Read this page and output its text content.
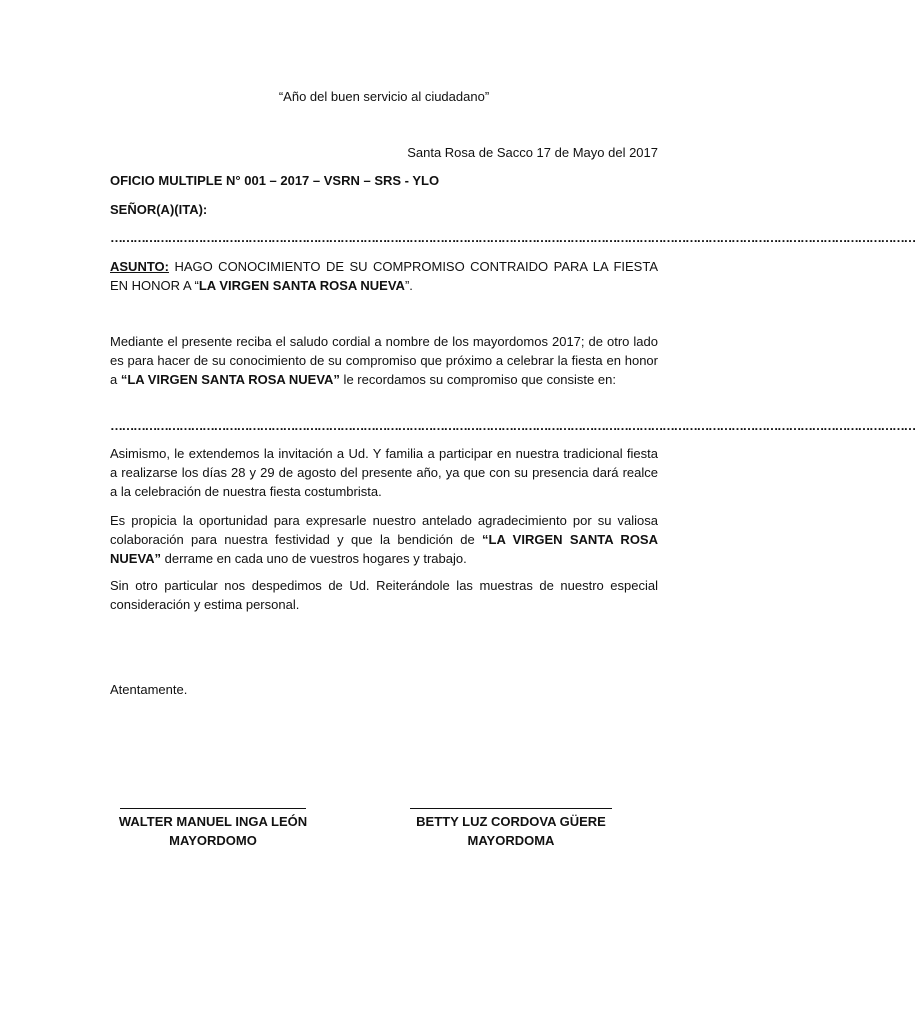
“Año del buen servicio al ciudadano”
Santa Rosa de Sacco 17 de Mayo del 2017
OFICIO MULTIPLE N° 001 – 2017 – VSRN – SRS - YLO
SEÑOR(A)(ITA):
…………………………………………………………………………………………………………………………………………………………………………………………
ASUNTO: HAGO CONOCIMIENTO DE SU COMPROMISO CONTRAIDO PARA LA FIESTA EN HONOR A “LA VIRGEN SANTA ROSA NUEVA”.
Mediante el presente reciba el saludo cordial a nombre de los mayordomos 2017; de otro lado es para hacer de su conocimiento de su compromiso que próximo a celebrar la fiesta en honor a “LA VIRGEN SANTA ROSA NUEVA” le recordamos su compromiso que consiste en:
…………………………………………………………………………………………………………………………………………………………………………………………
Asimismo, le extendemos la invitación a Ud. Y familia a participar en nuestra tradicional fiesta a realizarse los días 28 y 29 de agosto del presente año, ya que con su presencia dará realce a la celebración de nuestra fiesta costumbrista.
Es propicia la oportunidad para expresarle nuestro antelado agradecimiento por su valiosa colaboración para nuestra festividad y que la bendición de “LA VIRGEN SANTA ROSA NUEVA” derrame en cada uno de vuestros hogares y trabajo.
Sin otro particular nos despedimos de Ud. Reiterándole las muestras de nuestro especial consideración y estima personal.
Atentamente.
WALTER MANUEL INGA LEÓN
MAYORDOMO
BETTY LUZ CORDOVA GÜERE
MAYORDOMA
